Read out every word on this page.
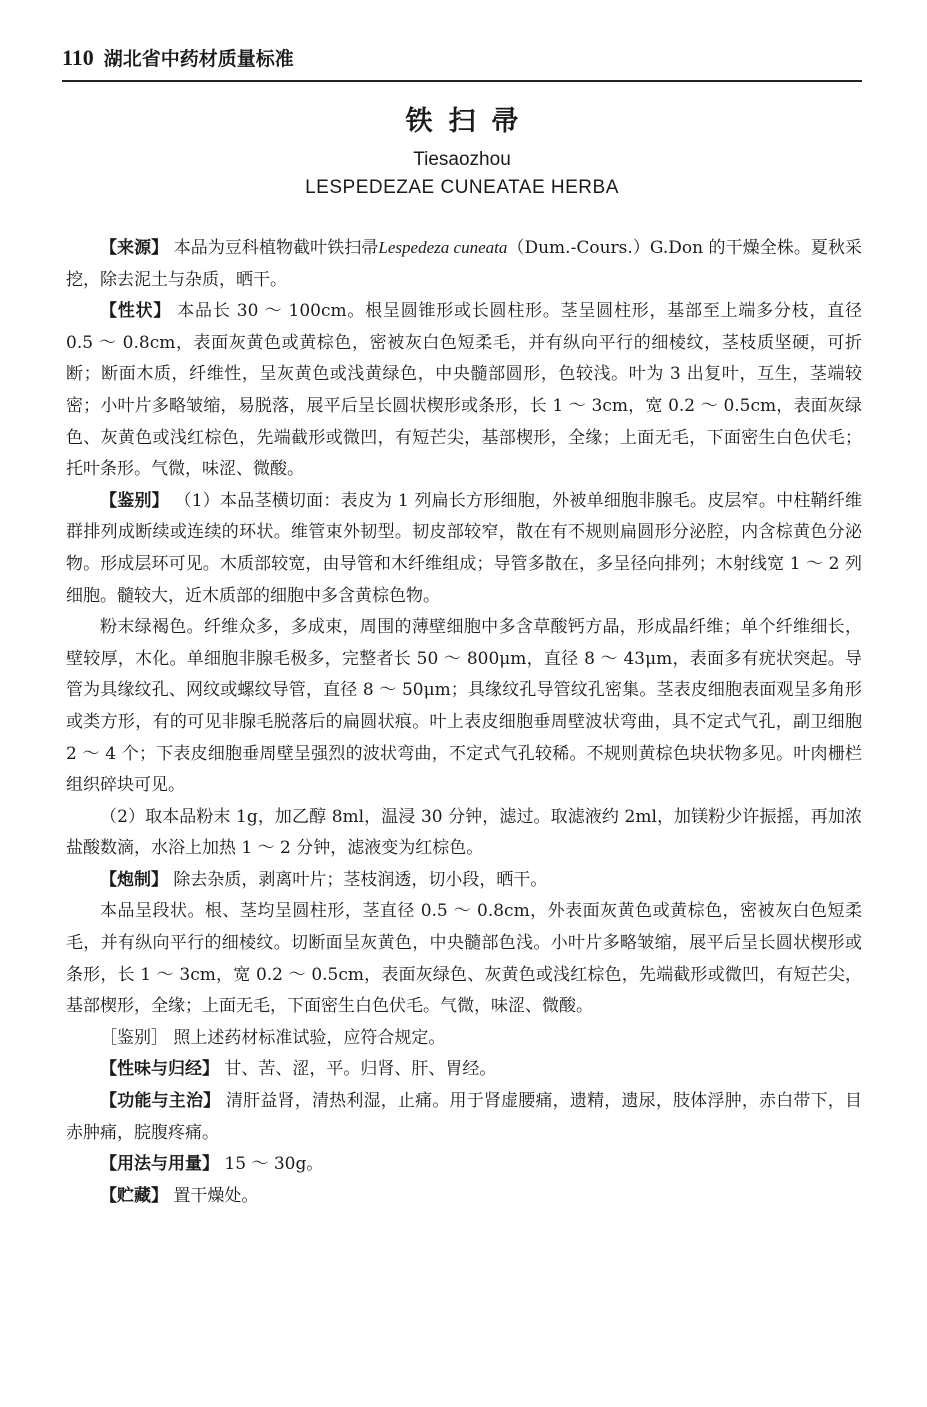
110 湖北省中药材质量标准
铁扫帚
Tiesaozhou
LESPEDEZAE CUNEATAE HERBA

【来源】 本品为豆科植物截叶铁扫帚Lespedeza cuneata（Dum.-Cours.）G.Don 的干燥全株。夏秋采挖，除去泥土与杂质，晒干。

【性状】 本品长 30 ～ 100cm。根呈圆锥形或长圆柱形。茎呈圆柱形，基部至上端多分枝，直径 0.5 ～ 0.8cm，表面灰黄色或黄棕色，密被灰白色短柔毛，并有纵向平行的细棱纹，茎枝质坚硬，可折断；断面木质，纤维性，呈灰黄色或浅黄绿色，中央髓部圆形，色较浅。叶为 3 出复叶，互生，茎端较密；小叶片多略皱缩，易脱落，展平后呈长圆状楔形或条形，长 1 ～ 3cm，宽 0.2 ～ 0.5cm，表面灰绿色、灰黄色或浅红棕色，先端截形或微凹，有短芒尖，基部楔形，全缘；上面无毛，下面密生白色伏毛；托叶条形。气微，味涩、微酸。

【鉴别】 （1）本品茎横切面：表皮为 1 列扁长方形细胞，外被单细胞非腺毛。皮层窄。中柱鞘纤维群排列成断续或连续的环状。维管束外韧型。韧皮部较窄，散在有不规则扁圆形分泌腔，内含棕黄色分泌物。形成层环可见。木质部较宽，由导管和木纤维组成；导管多散在，多呈径向排列；木射线宽 1 ～ 2 列细胞。髓较大，近木质部的细胞中多含黄棕色物。

粉末绿褐色。纤维众多，多成束，周围的薄壁细胞中多含草酸钙方晶，形成晶纤维；单个纤维细长，壁较厚，木化。单细胞非腺毛极多，完整者长 50 ～ 800μm，直径 8 ～ 43μm，表面多有疣状突起。导管为具缘纹孔、网纹或螺纹导管，直径 8 ～ 50μm；具缘纹孔导管纹孔密集。茎表皮细胞表面观呈多角形或类方形，有的可见非腺毛脱落后的扁圆状痕。叶上表皮细胞垂周壁波状弯曲，具不定式气孔，副卫细胞 2 ～ 4 个；下表皮细胞垂周壁呈强烈的波状弯曲，不定式气孔较稀。不规则黄棕色块状物多见。叶肉栅栏组织碎块可见。

（2）取本品粉末 1g，加乙醇 8ml，温浸 30 分钟，滤过。取滤液约 2ml，加镁粉少许振摇，再加浓盐酸数滴，水浴上加热 1 ～ 2 分钟，滤液变为红棕色。

【炮制】 除去杂质，剥离叶片；茎枝润透，切小段，晒干。

本品呈段状。根、茎均呈圆柱形，茎直径 0.5 ～ 0.8cm，外表面灰黄色或黄棕色，密被灰白色短柔毛，并有纵向平行的细棱纹。切断面呈灰黄色，中央髓部色浅。小叶片多略皱缩，展平后呈长圆状楔形或条形，长 1 ～ 3cm，宽 0.2 ～ 0.5cm，表面灰绿色、灰黄色或浅红棕色，先端截形或微凹，有短芒尖，基部楔形，全缘；上面无毛，下面密生白色伏毛。气微，味涩、微酸。

［鉴别］ 照上述药材标准试验，应符合规定。

【性味与归经】 甘、苦、涩，平。归肾、肝、胃经。

【功能与主治】 清肝益肾，清热利湿，止痛。用于肾虚腰痛，遗精，遗尿，肢体浮肿，赤白带下，目赤肿痛，脘腹疼痛。

【用法与用量】 15 ～ 30g。

【贮藏】 置干燥处。
